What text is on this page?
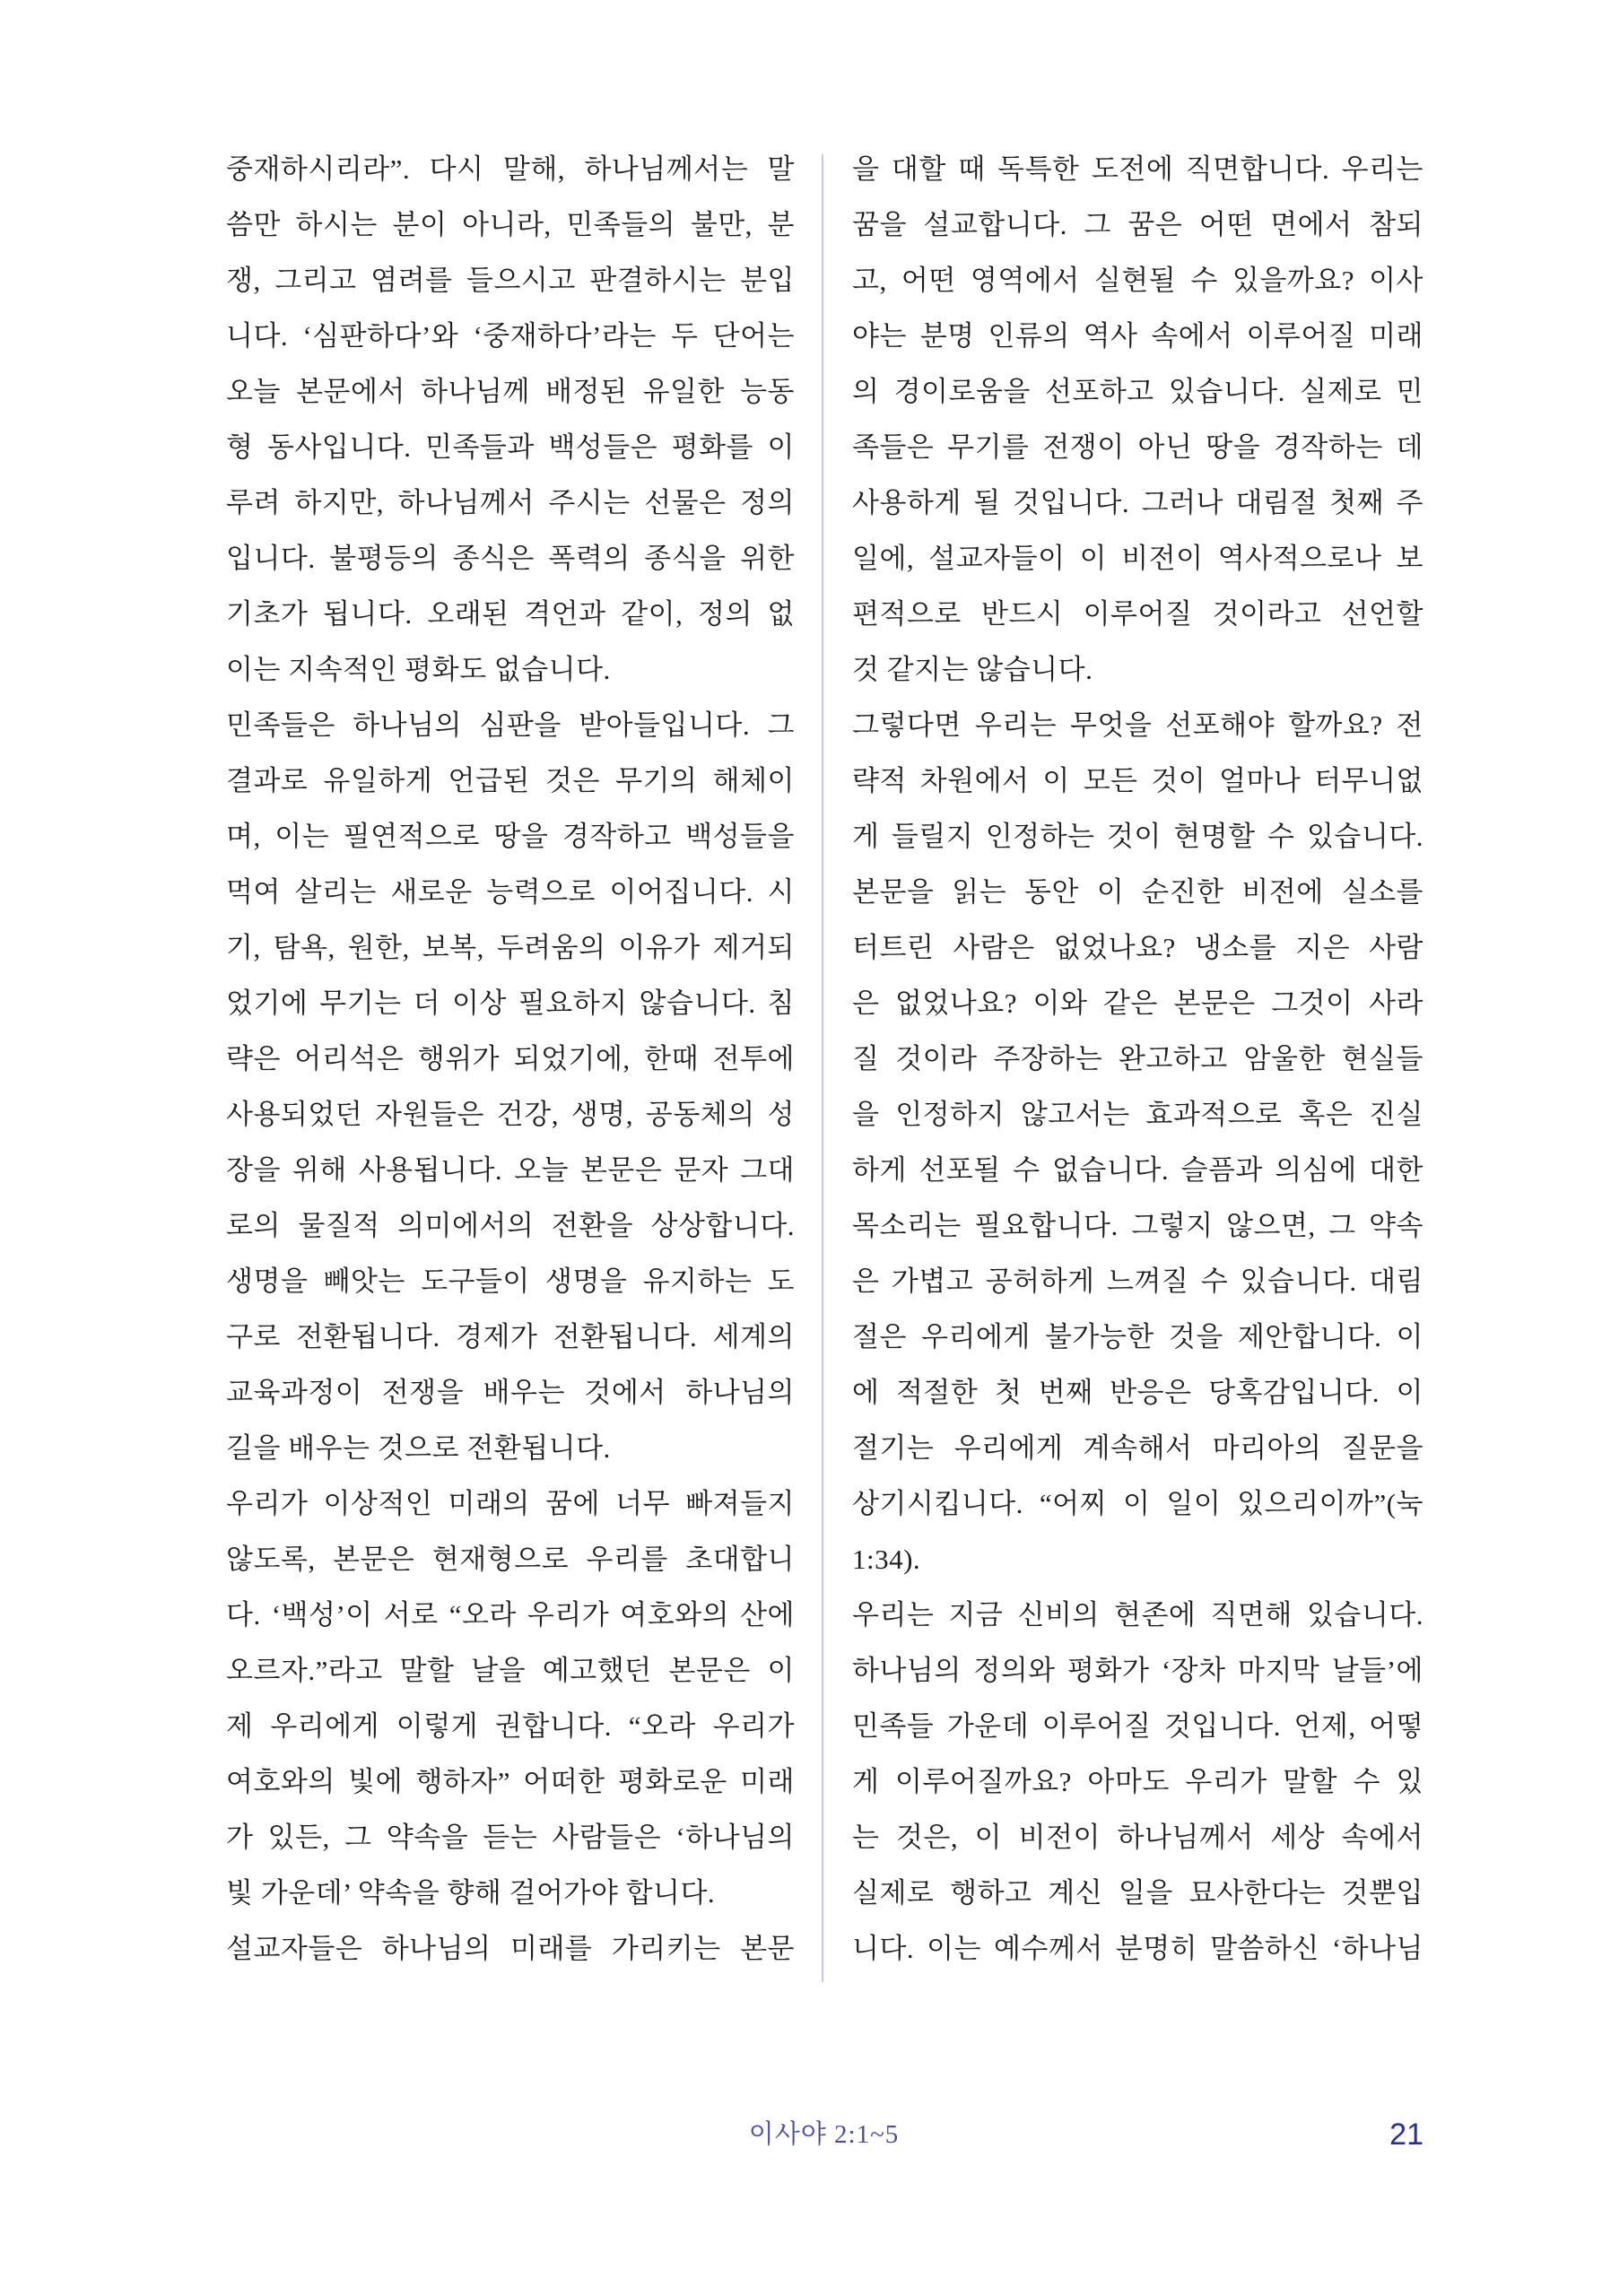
중재하시리라”. 다시 말해, 하나님께서는 말
씀만 하시는 분이 아니라, 민족들의 불만, 분
쟁, 그리고 염려를 들으시고 판결하시는 분입
니다. ‘심판하다’와 ‘중재하다’라는 두 단어는
오늘 본문에서 하나님께 배정된 유일한 능동
형 동사입니다. 민족들과 백성들은 평화를 이
루려 하지만, 하나님께서 주시는 선물은 정의
입니다. 불평등의 종식은 폭력의 종식을 위한
기초가 됩니다. 오래된 격언과 같이, 정의 없
이는 지속적인 평화도 없습니다.
민족들은 하나님의 심판을 받아들입니다. 그
결과로 유일하게 언급된 것은 무기의 해체이
며, 이는 필연적으로 땅을 경작하고 백성들을
먹여 살리는 새로운 능력으로 이어집니다. 시
기, 탐욕, 원한, 보복, 두려움의 이유가 제거되
었기에 무기는 더 이상 필요하지 않습니다. 침
략은 어리석은 행위가 되었기에, 한때 전투에
사용되었던 자원들은 건강, 생명, 공동체의 성
장을 위해 사용됩니다. 오늘 본문은 문자 그대
로의 물질적 의미에서의 전환을 상상합니다.
생명을 빼앗는 도구들이 생명을 유지하는 도
구로 전환됩니다. 경제가 전환됩니다. 세계의
교육과정이 전쟁을 배우는 것에서 하나님의
길을 배우는 것으로 전환됩니다.
우리가 이상적인 미래의 꿈에 너무 빠져들지
않도록, 본문은 현재형으로 우리를 초대합니
다. ‘백성’이 서로 “오라 우리가 여호와의 산에
오르자.”라고 말할 날을 예고했던 본문은 이
제 우리에게 이렇게 권합니다. “오라 우리가
여호와의 빛에 행하자” 어떠한 평화로운 미래
가 있든, 그 약속을 듣는 사람들은 ‘하나님의
빛 가운데’ 약속을 향해 걸어가야 합니다.
설교자들은 하나님의 미래를 가리키는 본문
을 대할 때 독특한 도전에 직면합니다. 우리는
꿈을 설교합니다. 그 꿈은 어떤 면에서 참되
고, 어떤 영역에서 실현될 수 있을까요? 이사
야는 분명 인류의 역사 속에서 이루어질 미래
의 경이로움을 선포하고 있습니다. 실제로 민
족들은 무기를 전쟁이 아닌 땅을 경작하는 데
사용하게 될 것입니다. 그러나 대림절 첫째 주
일에, 설교자들이 이 비전이 역사적으로나 보
편적으로 반드시 이루어질 것이라고 선언할
것 같지는 않습니다.
그렇다면 우리는 무엇을 선포해야 할까요? 전
략적 차원에서 이 모든 것이 얼마나 터무니없
게 들릴지 인정하는 것이 현명할 수 있습니다.
본문을 읽는 동안 이 순진한 비전에 실소를
터트린 사람은 없었나요? 냉소를 지은 사람
은 없었나요? 이와 같은 본문은 그것이 사라
질 것이라 주장하는 완고하고 암울한 현실들
을 인정하지 않고서는 효과적으로 혹은 진실
하게 선포될 수 없습니다. 슬픔과 의심에 대한
목소리는 필요합니다. 그렇지 않으면, 그 약속
은 가볍고 공허하게 느껴질 수 있습니다. 대림
절은 우리에게 불가능한 것을 제안합니다. 이
에 적절한 첫 번째 반응은 당혹감입니다. 이
절기는 우리에게 계속해서 마리아의 질문을
상기시킵니다. “어찌 이 일이 있으리이까”(눅
1:34).
우리는 지금 신비의 현존에 직면해 있습니다.
하나님의 정의와 평화가 ‘장차 마지막 날들’에
민족들 가운데 이루어질 것입니다. 언제, 어떻
게 이루어질까요? 아마도 우리가 말할 수 있
는 것은, 이 비전이 하나님께서 세상 속에서
실제로 행하고 계신 일을 묘사한다는 것뿐입
니다. 이는 예수께서 분명히 말씀하신 ‘하나님
이사야 2:1~5	21
